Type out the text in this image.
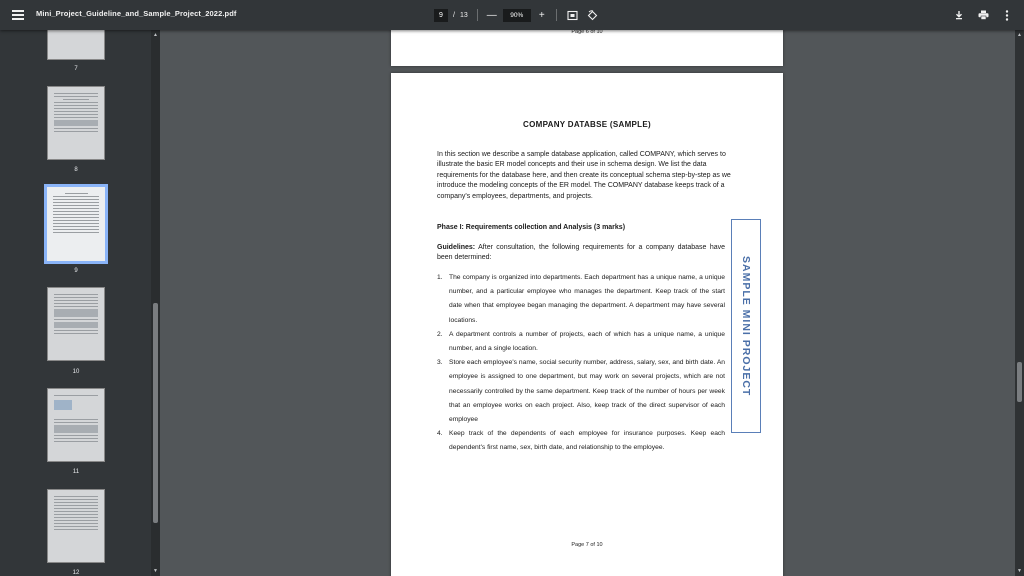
Mini_Project_Guideline_and_Sample_Project_2022.pdf	9	/ 13 —	90%	+
7
8
9
10
11
12
▲
▼
Page 6 of 10
COMPANY DATABSE (SAMPLE)
In this section we describe a sample database application, called COMPANY, which serves to illustrate the basic ER model concepts and their use in schema design. We list the data requirements for the database here, and then create its conceptual schema step-by-step as we introduce the modeling concepts of the ER model. The COMPANY database keeps track of a company's employees, departments, and projects.
Phase I: Requirements collection and Analysis (3 marks)
Guidelines: After consultation, the following requirements for a company database have been determined:
1. The company is organized into departments. Each department has a unique name, a unique number, and a particular employee who manages the department. Keep track of the start date when that employee began managing the department. A department may have several locations.
2. A department controls a number of projects, each of which has a unique name, a unique number, and a single location.
3. Store each employee's name, social security number, address, salary, sex, and birth date. An employee is assigned to one department, but may work on several projects, which are not necessarily controlled by the same department. Keep track of the number of hours per week that an employee works on each project. Also, keep track of the direct supervisor of each employee
4. Keep track of the dependents of each employee for insurance purposes. Keep each dependent's first name, sex, birth date, and relationship to the employee.
SAMPLE MINI PROJECT
Page 7 of 10
▲
▼
